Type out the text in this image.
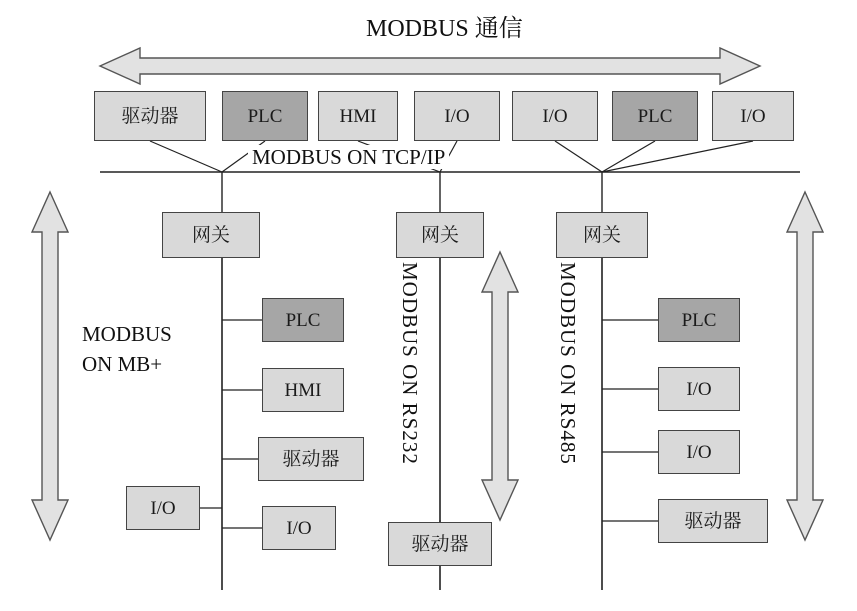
MODBUS 通信
MODBUS ON TCP/IP
MODBUS
ON MB+	MODBUS ON RS232	MODBUS ON RS485
驱动器	PLC	HMI	I/O	I/O	PLC	I/O
网关	网关	网关
PLC
HMI
驱动器
I/O
I/O
驱动器
PLC
I/O
I/O
驱动器
